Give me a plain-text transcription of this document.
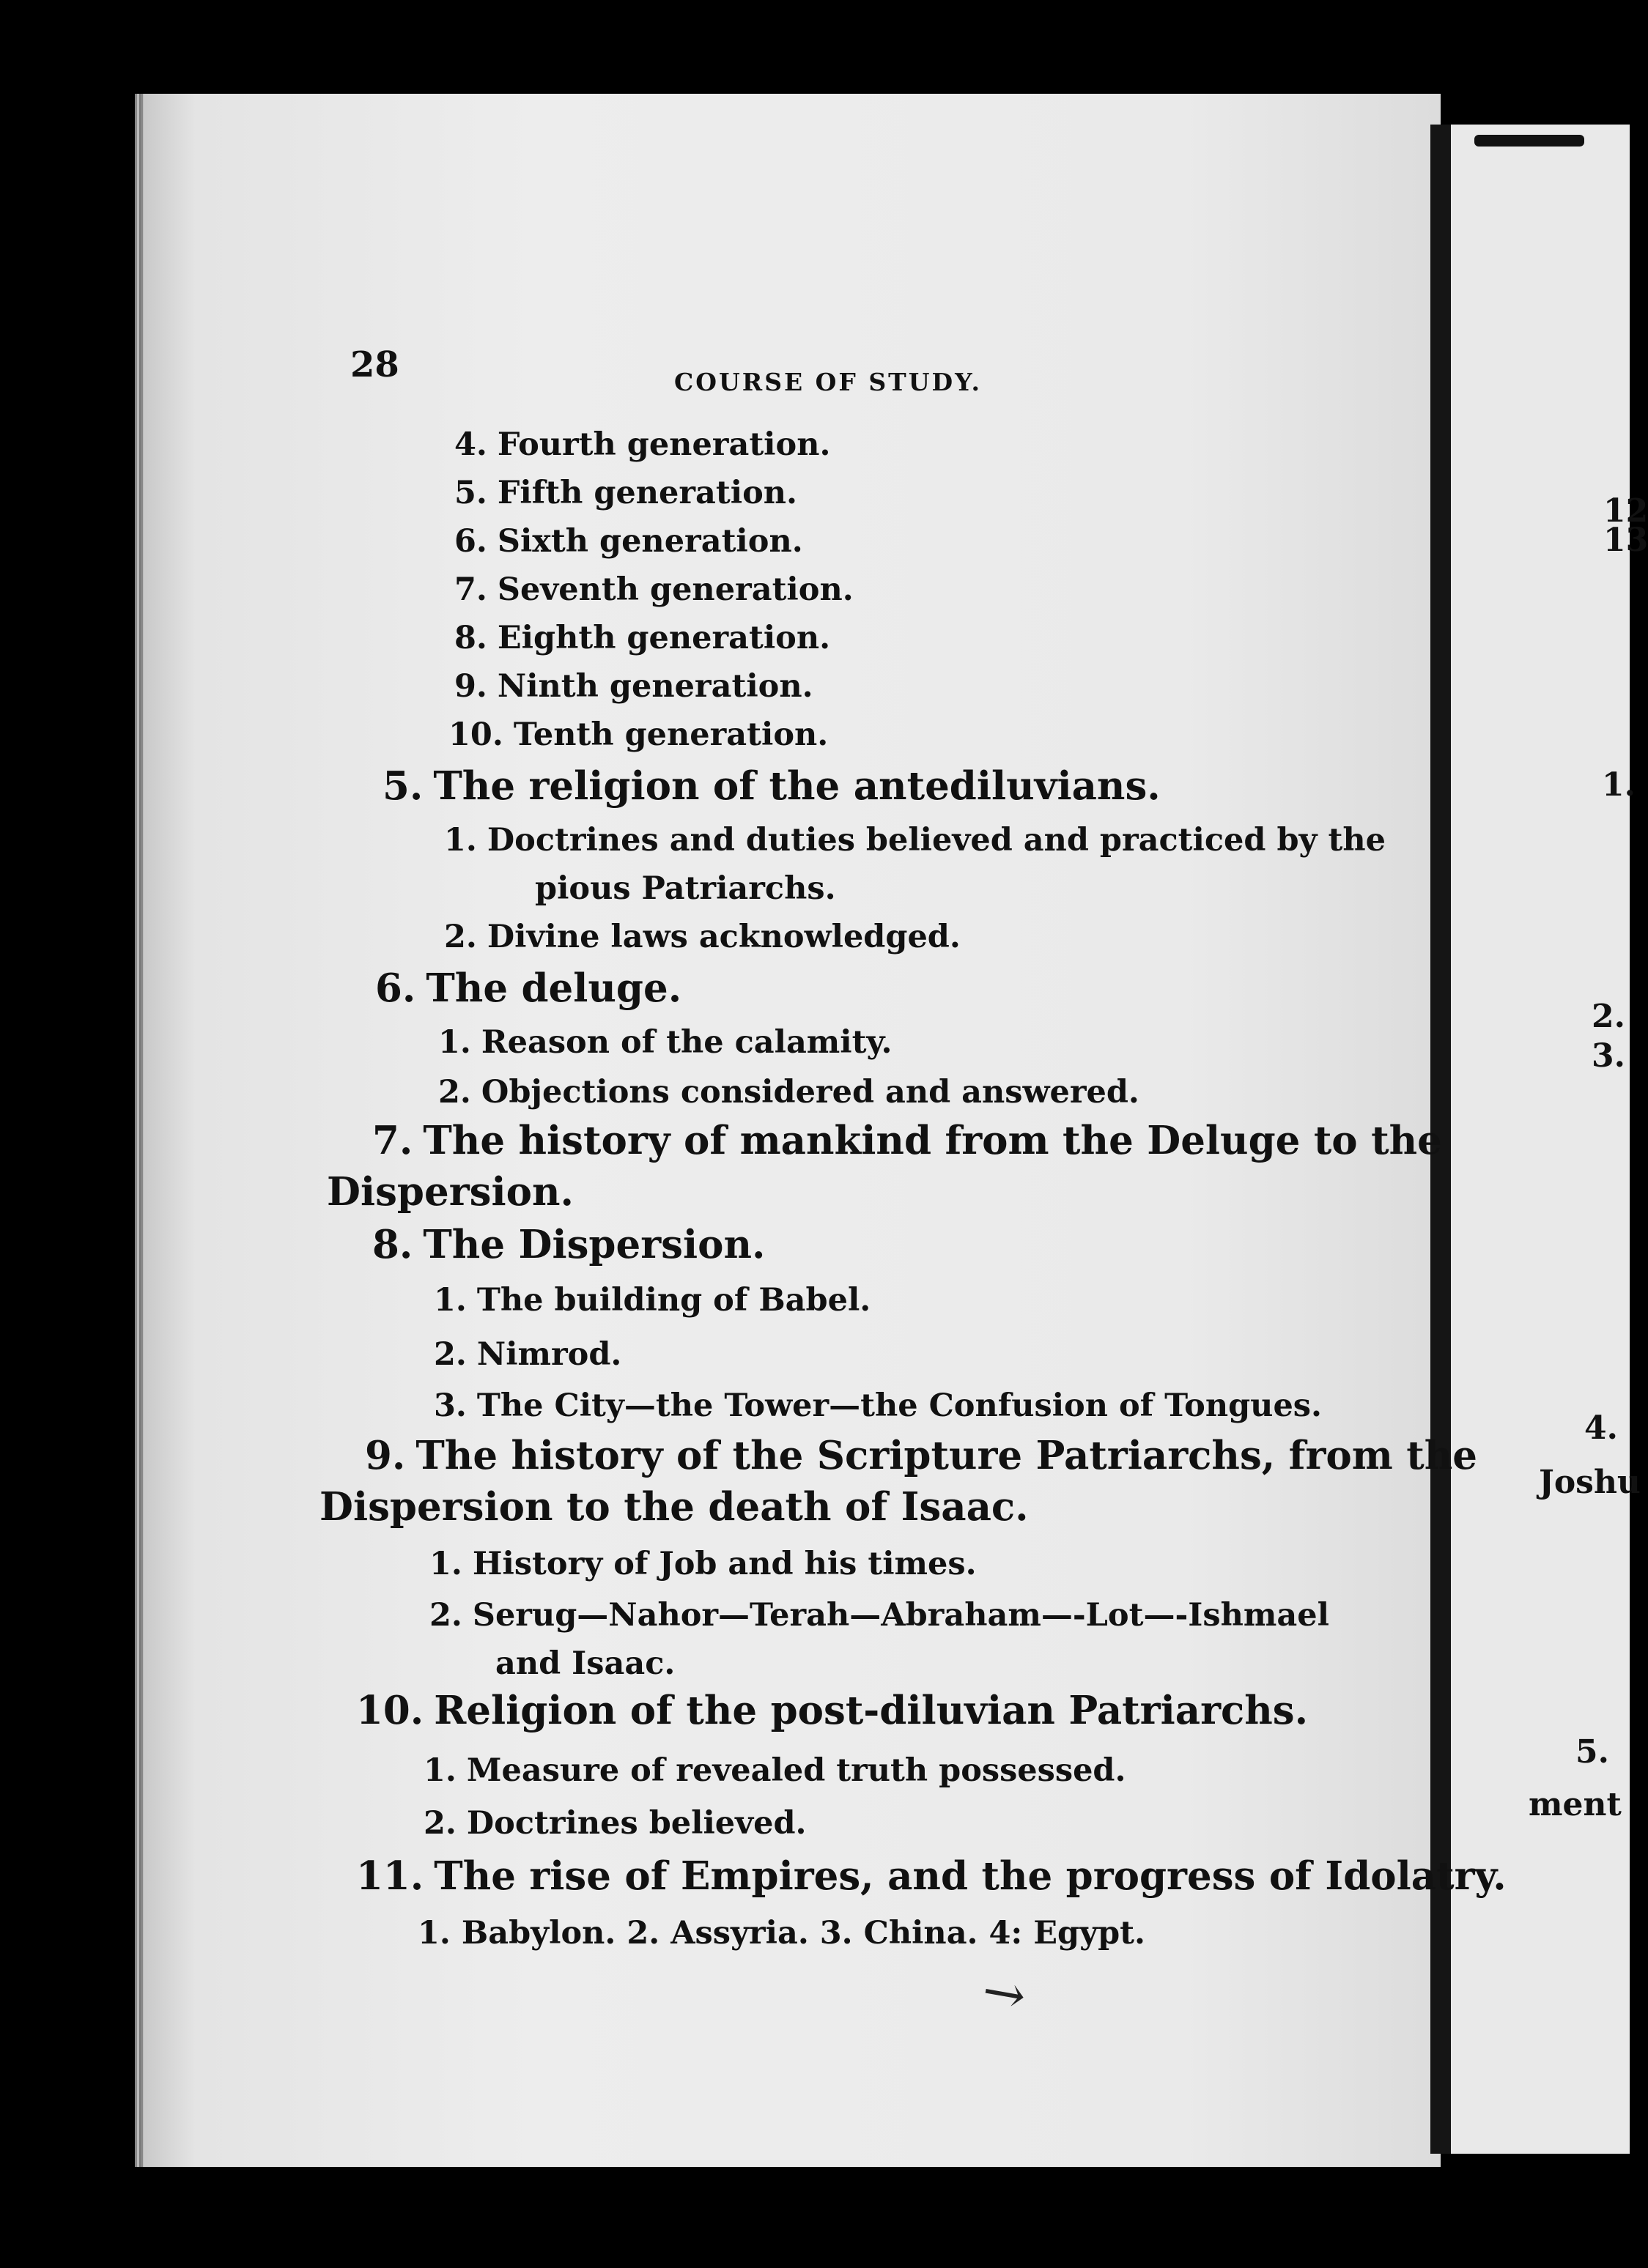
12
13
1.
2.
3.
4.
Joshu
5.
ment
28	COURSE OF STUDY.
4. Fourth generation.
5. Fifth generation.
6. Sixth generation.
7. Seventh generation.
8. Eighth generation.
9. Ninth generation.
10. Tenth generation.
5. The religion of the antediluvians.
1. Doctrines and duties believed and practiced by the
pious Patriarchs.
2. Divine laws acknowledged.
6. The deluge.
1. Reason of the calamity.
2. Objections considered and answered.
7. The history of mankind from the Deluge to the
Dispersion.
8. The Dispersion.
1. The building of Babel.
2. Nimrod.
3. The City—the Tower—the Confusion of Tongues.
9. The history of the Scripture Patriarchs, from the
Dispersion to the death of Isaac.
1. History of Job and his times.
2. Serug—Nahor—Terah—Abraham—-Lot—-Ishmael
and Isaac.
10. Religion of the post-diluvian Patriarchs.
1. Measure of revealed truth possessed.
2. Doctrines believed.
11. The rise of Empires, and the progress of Idolatry.
1. Babylon. 2. Assyria. 3. China. 4: Egypt.
↘
